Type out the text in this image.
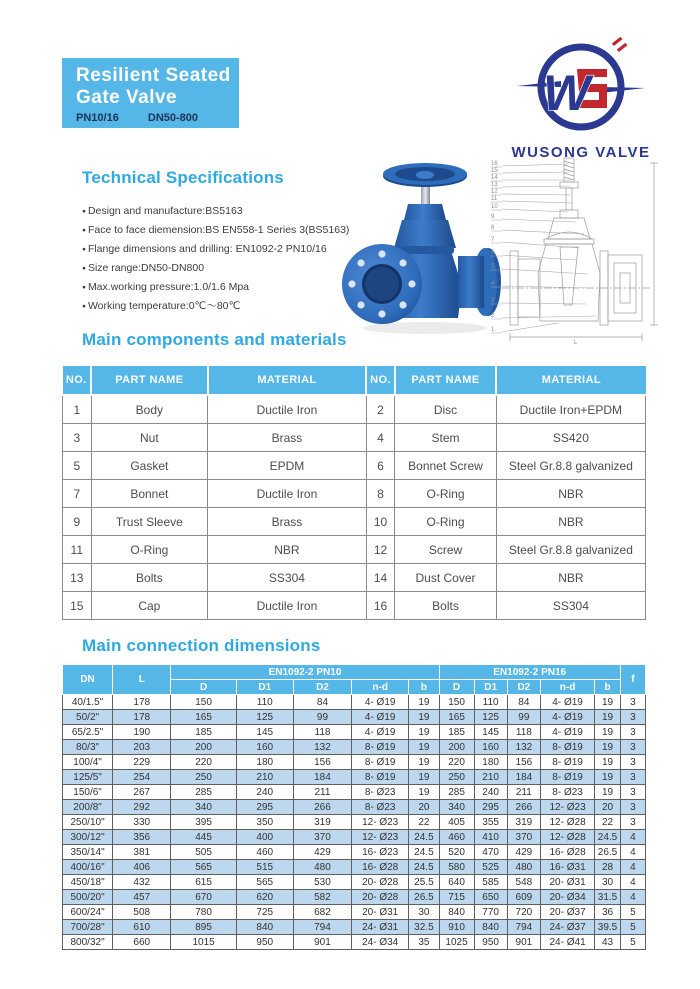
Resilient Seated
Gate Valve
PN10/16	DN50-800	W
WUSONG VALVE
Technical Specifications
● Design and manufacture:BS5163
● Face to face diemension:BS EN558-1 Series 3(BS5163)
● Flange dimensions and drilling: EN1092-2 PN10/16
● Size range:DN50-DN800
● Max.working pressure:1.0/1.6 Mpa
● Working temperature:0℃～80℃
16
15
14
13
12
11
10
9
8
7
6
5
4
3
2
1
L
Main components and materials
NO.	PART NAME	MATERIAL	NO.	PART NAME	MATERIAL
1	Body	Ductile Iron	2	Disc	Ductile Iron+EPDM
3	Nut	Brass	4	Stem	SS420
5	Gasket	EPDM	6	Bonnet Screw	Steel Gr.8.8 galvanized
7	Bonnet	Ductile Iron	8	O-Ring	NBR
9	Trust Sleeve	Brass	10	O-Ring	NBR
11	O-Ring	NBR	12	Screw	Steel Gr.8.8 galvanized
13	Bolts	SS304	14	Dust Cover	NBR
15	Cap	Ductile Iron	16	Bolts	SS304
Main connection dimensions
DN	L	EN1092-2 PN10					EN1092-2 PN16					f
		D	D1	D2	n-d	b	D	D1	D2	n-d	b	
40/1.5"	178	150	110	84	4- Ø19	19	150	110	84	4- Ø19	19	3
50/2"	178	165	125	99	4- Ø19	19	165	125	99	4- Ø19	19	3
65/2.5"	190	185	145	118	4- Ø19	19	185	145	118	4- Ø19	19	3
80/3"	203	200	160	132	8- Ø19	19	200	160	132	8- Ø19	19	3
100/4"	229	220	180	156	8- Ø19	19	220	180	156	8- Ø19	19	3
125/5"	254	250	210	184	8- Ø19	19	250	210	184	8- Ø19	19	3
150/6"	267	285	240	211	8- Ø23	19	285	240	211	8- Ø23	19	3
200/8"	292	340	295	266	8- Ø23	20	340	295	266	12- Ø23	20	3
250/10"	330	395	350	319	12- Ø23	22	405	355	319	12- Ø28	22	3
300/12"	356	445	400	370	12- Ø23	24.5	460	410	370	12- Ø28	24.5	4
350/14"	381	505	460	429	16- Ø23	24.5	520	470	429	16- Ø28	26.5	4
400/16"	406	565	515	480	16- Ø28	24.5	580	525	480	16- Ø31	28	4
450/18"	432	615	565	530	20- Ø28	25.5	640	585	548	20- Ø31	30	4
500/20"	457	670	620	582	20- Ø28	26.5	715	650	609	20- Ø34	31.5	4
600/24"	508	780	725	682	20- Ø31	30	840	770	720	20- Ø37	36	5
700/28"	610	895	840	794	24- Ø31	32.5	910	840	794	24- Ø37	39.5	5
800/32"	660	1015	950	901	24- Ø34	35	1025	950	901	24- Ø41	43	5
